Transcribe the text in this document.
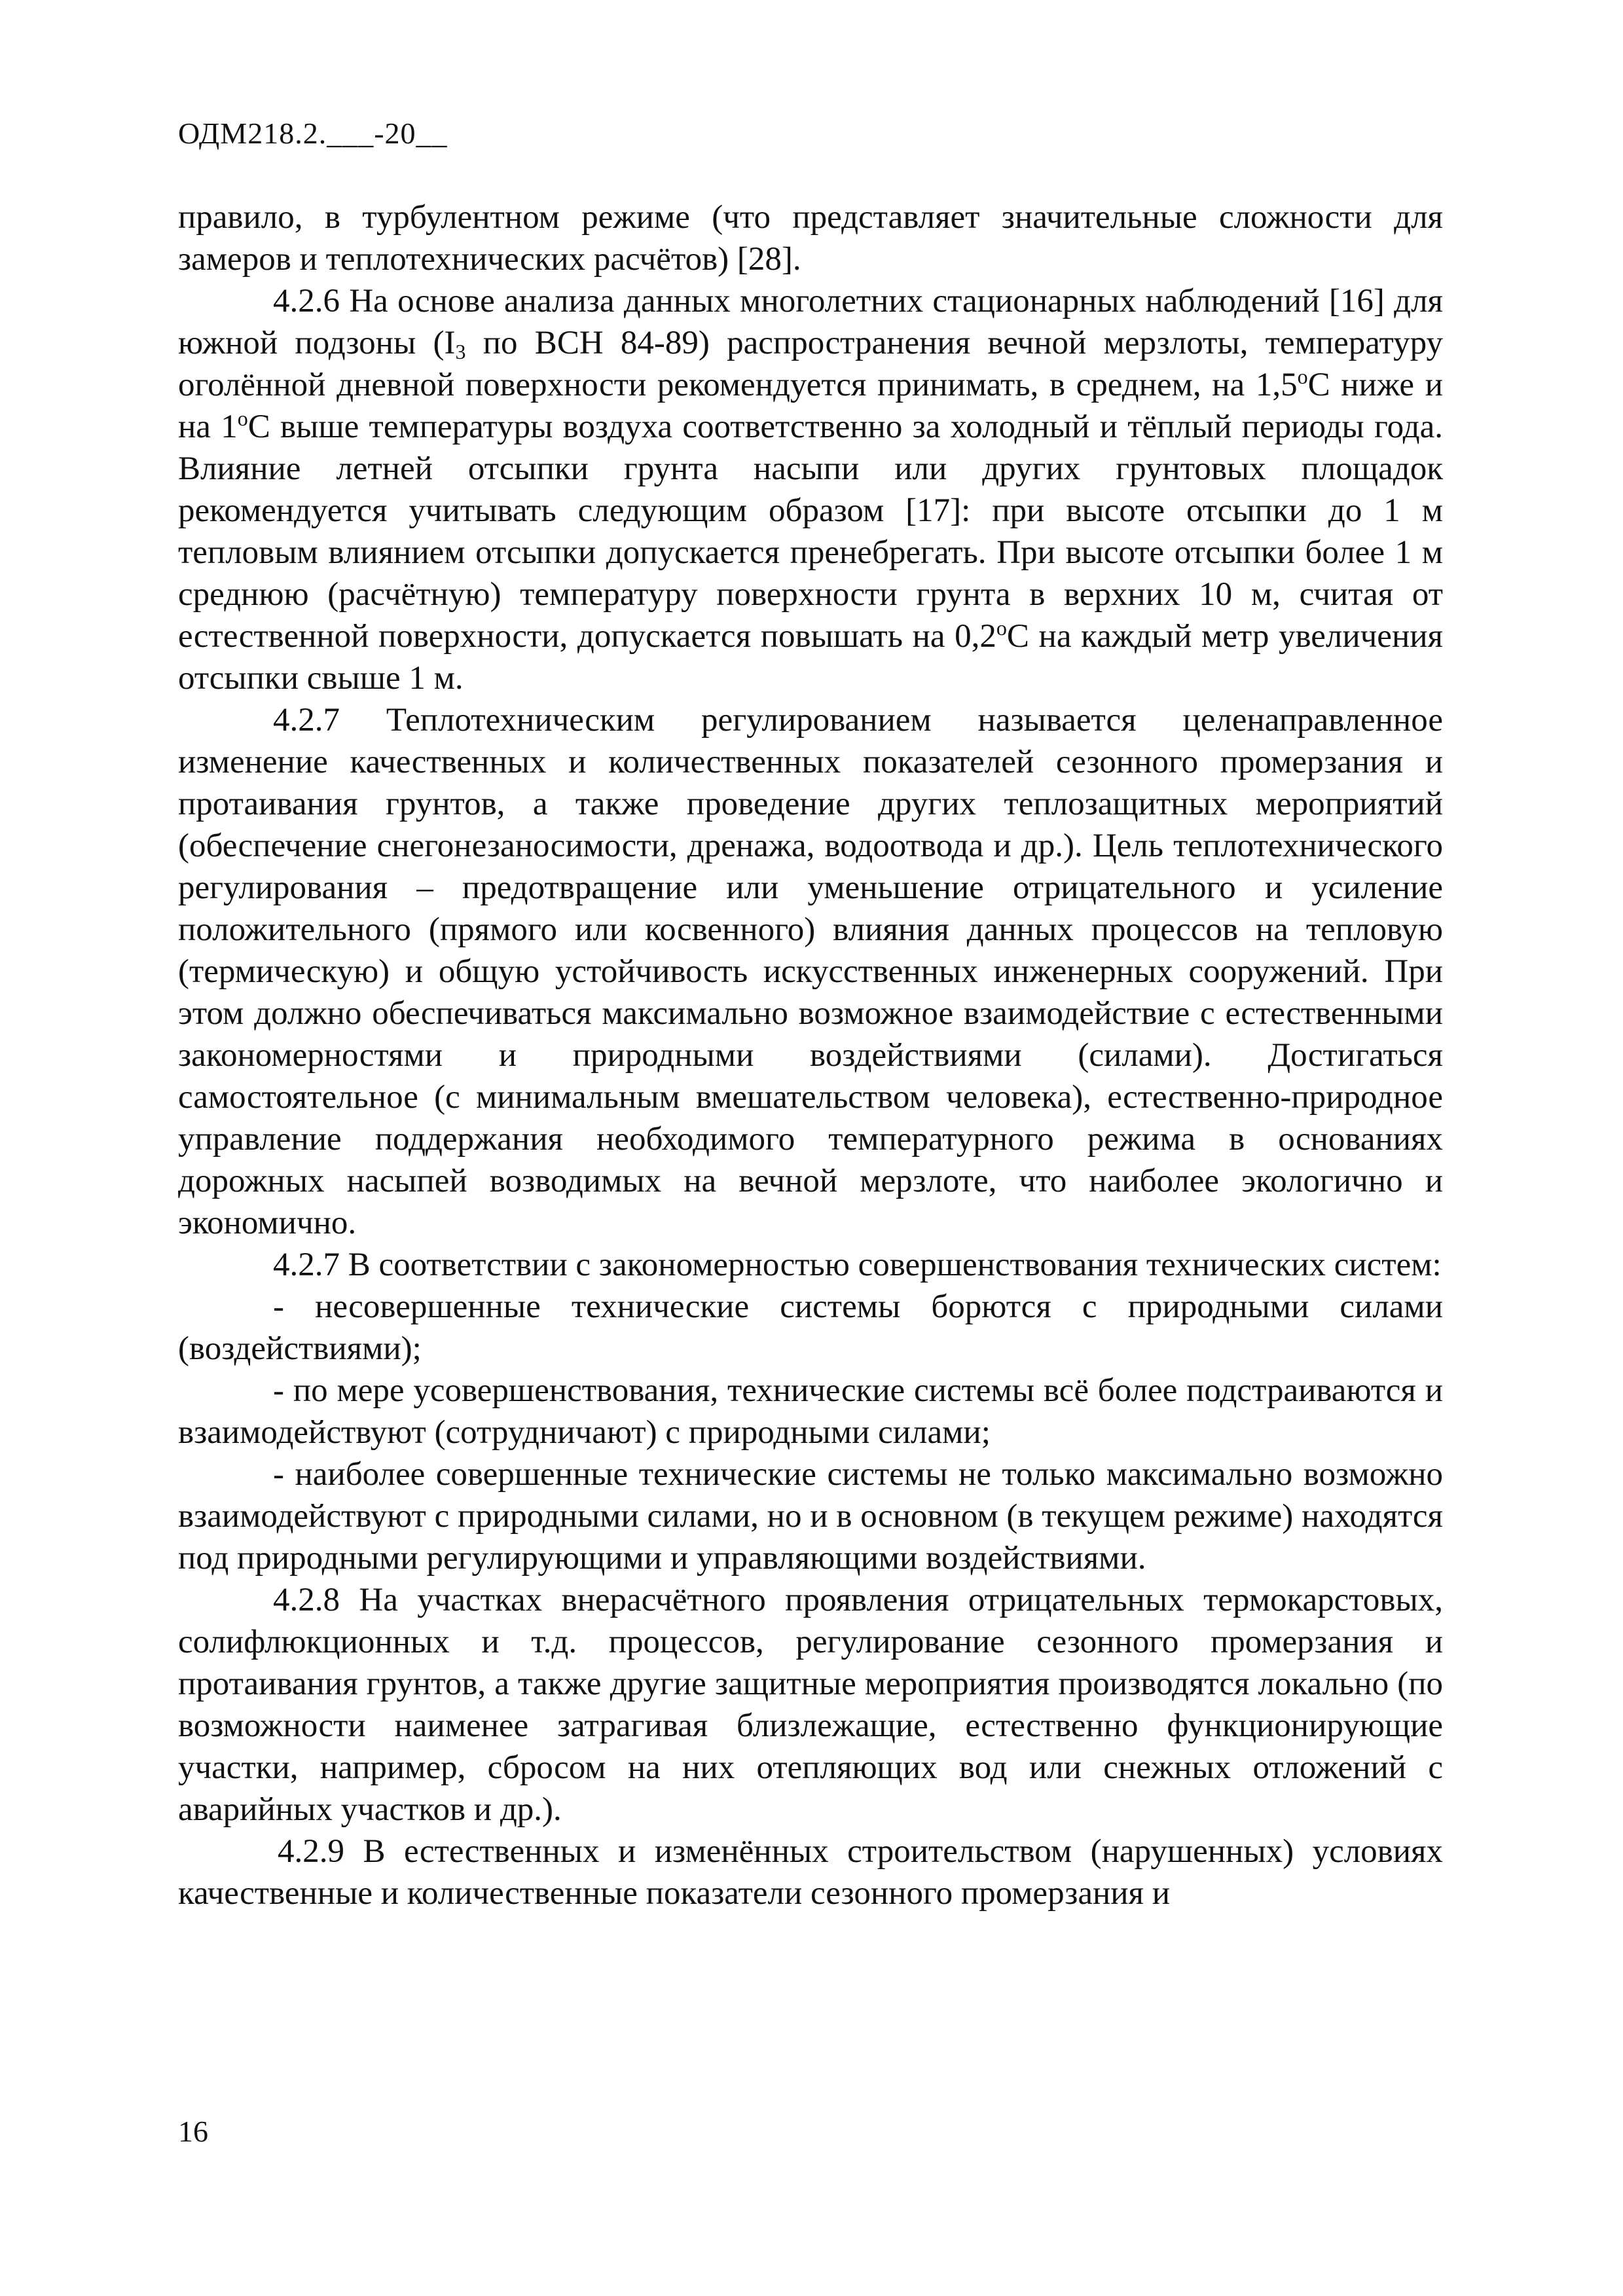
ОДМ218.2.___-20__

правило, в турбулентном режиме (что представляет значительные сложности для замеров и теплотехнических расчётов) [28].

4.2.6 На основе анализа данных многолетних стационарных наблюдений [16] для южной подзоны ($I_3$ по ВСН 84-89) распространения вечной мерзлоты, температуру оголённой дневной поверхности рекомендуется принимать, в среднем, на $1,5^оС$ ниже и на $1^оС$ выше температуры воздуха соответственно за холодный и тёплый периоды года. Влияние летней отсыпки грунта насыпи или других грунтовых площадок рекомендуется учитывать следующим образом [17]: при высоте отсыпки до 1 м тепловым влиянием отсыпки допускается пренебрегать. При высоте отсыпки более 1 м среднюю (расчётную) температуру поверхности грунта в верхних 10 м, считая от естественной поверхности, допускается повышать на $0,2^оС$ на каждый метр увеличения отсыпки свыше 1 м.

4.2.7 Теплотехническим регулированием называется целенаправленное изменение качественных и количественных показателей сезонного промерзания и протаивания грунтов, а также проведение других теплозащитных мероприятий (обеспечение снегонезаносимости, дренажа, водоотвода и др.). Цель теплотехнического регулирования – предотвращение или уменьшение отрицательного и усиление положительного (прямого или косвенного) влияния данных процессов на тепловую (термическую) и общую устойчивость искусственных инженерных сооружений. При этом должно обеспечиваться максимально возможное взаимодействие с естественными закономерностями и природными воздействиями (силами). Достигаться самостоятельное (с минимальным вмешательством человека), естественно-природное управление поддержания необходимого температурного режима в основаниях дорожных насыпей возводимых на вечной мерзлоте, что наиболее экологично и экономично.

4.2.7 В соответствии с закономерностью совершенствования технических систем:

- несовершенные технические системы борются с природными силами (воздействиями);

- по мере усовершенствования, технические системы всё более подстраиваются и взаимодействуют (сотрудничают) с природными силами;

- наиболее совершенные технические системы не только максимально возможно взаимодействуют с природными силами, но и в основном (в текущем режиме) находятся под природными регулирующими и управляющими воздействиями.

4.2.8 На участках внерасчётного проявления отрицательных термокарстовых, солифлюкционных и т.д. процессов, регулирование сезонного промерзания и протаивания грунтов, а также другие защитные мероприятия производятся локально (по возможности наименее затрагивая близлежащие, естественно функционирующие участки, например, сбросом на них отепляющих вод или снежных отложений с аварийных участков и др.).

4.2.9 В естественных и изменённых строительством (нарушенных) условиях качественные и количественные показатели сезонного промерзания и

16
